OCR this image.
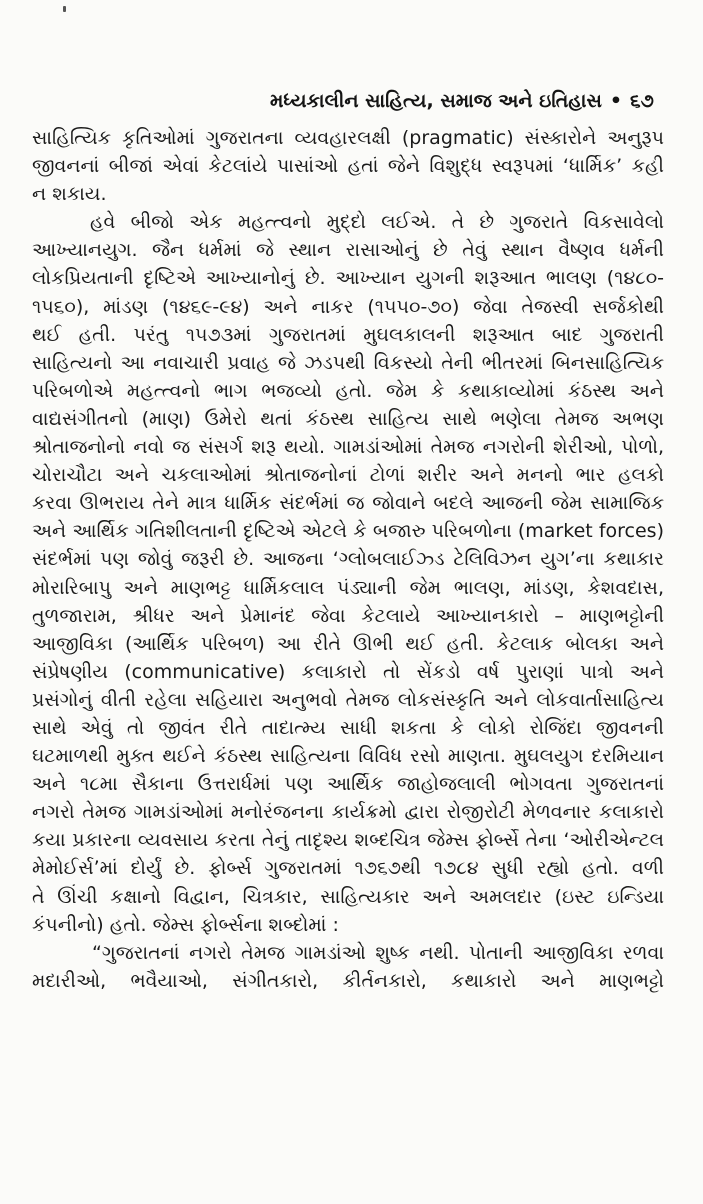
મધ્યકાલીન સાહિત્ય, સમાજ અને ઇતિહાસ • ૬૭
સાહિત્યિક કૃતિઓમાં ગુજરાતના વ્યવહારલક્ષી (pragmatic) સંસ્કારોને અનુરૂપ
જીવનનાં બીજાં એવાં કેટલાંયે પાસાંઓ હતાં જેને વિશુદ્ધ સ્વરૂપમાં ‘ધાર્મિક’ કહી
ન શકાય.
હવે બીજો એક મહત્ત્વનો મુદ્દો લઈએ. તે છે ગુજરાતે વિકસાવેલો
આખ્યાનયુગ. જૈન ધર્મમાં જે સ્થાન રાસાઓનું છે તેવું સ્થાન વૈષ્ણવ ધર્મની
લોકપ્રિયતાની દૃષ્ટિએ આખ્યાનોનું છે. આખ્યાન યુગની શરૂઆત ભાલણ (૧૪૮૦-
૧૫૬૦), માંડણ (૧૪૬૯-૯૪) અને નાકર (૧૫૫૦-૭૦) જેવા તેજસ્વી સર્જકોથી
થઈ હતી. પરંતુ ૧૫૭૩માં ગુજરાતમાં મુઘલકાલની શરૂઆત બાદ ગુજરાતી
સાહિત્યનો આ નવાચારી પ્રવાહ જે ઝડપથી વિકસ્યો તેની ભીતરમાં બિનસાહિત્યિક
પરિબળોએ મહત્ત્વનો ભાગ ભજવ્યો હતો. જેમ કે કથાકાવ્યોમાં કંઠસ્થ અને
વાદ્યસંગીતનો (માણ) ઉમેરો થતાં કંઠસ્થ સાહિત્ય સાથે ભણેલા તેમજ અભણ
શ્રોતાજનોનો નવો જ સંસર્ગ શરૂ થયો. ગામડાંઓમાં તેમજ નગરોની શેરીઓ, પોળો,
ચોરાચૌટા અને ચકલાઓમાં શ્રોતાજનોનાં ટોળાં શરીર અને મનનો ભાર હલકો
કરવા ઊભરાય તેને માત્ર ધાર્મિક સંદર્ભમાં જ જોવાને બદલે આજની જેમ સામાજિક
અને આર્થિક ગતિશીલતાની દૃષ્ટિએ એટલે કે બજારુ પરિબળોના (market forces)
સંદર્ભમાં પણ જોવું જરૂરી છે. આજના ‘ગ્લોબલાઈઝ્ડ ટેલિવિઝન યુગ’ના કથાકાર
મોરારિબાપુ અને માણભટ્ટ ધાર્મિકલાલ પંડ્યાની જેમ ભાલણ, માંડણ, કેશવદાસ,
તુળજારામ, શ્રીધર અને પ્રેમાનંદ જેવા કેટલાયે આખ્યાનકારો – માણભટ્ટોની
આજીવિકા (આર્થિક પરિબળ) આ રીતે ઊભી થઈ હતી. કેટલાક બોલકા અને
સંપ્રેષણીય (communicative) કલાકારો તો સેંકડો વર્ષ પુરાણાં પાત્રો અને
પ્રસંગોનું વીતી રહેલા સહિયારા અનુભવો તેમજ લોકસંસ્કૃતિ અને લોકવાર્તાસાહિત્ય
સાથે એવું તો જીવંત રીતે તાદાત્મ્ય સાધી શકતા કે લોકો રોજિંદા જીવનની
ઘટમાળથી મુક્ત થઈને કંઠસ્થ સાહિત્યના વિવિધ રસો માણતા. મુઘલયુગ દરમિયાન
અને ૧૮મા સૈકાના ઉત્તરાર્ધમાં પણ આર્થિક જાહોજલાલી ભોગવતા ગુજરાતનાં
નગરો તેમજ ગામડાંઓમાં મનોરંજનના કાર્યક્રમો દ્વારા રોજીરોટી મેળવનાર કલાકારો
કયા પ્રકારના વ્યવસાય કરતા તેનું તાદૃશ્ય શબ્દચિત્ર જેમ્સ ફોર્બ્સે તેના ‘ઓરીએન્ટલ
મેમોઈર્સ’માં દોર્યું છે. ફોર્બ્સ ગુજરાતમાં ૧૭૬૭થી ૧૭૮૪ સુધી રહ્યો હતો. વળી
તે ઊંચી કક્ષાનો વિદ્વાન, ચિત્રકાર, સાહિત્યકાર અને અમલદાર (ઇસ્ટ ઇન્ડિયા
કંપનીનો) હતો. જેમ્સ ફોર્બ્સના શબ્દોમાં :
“ગુજરાતનાં નગરો તેમજ ગામડાંઓ શુષ્ક નથી. પોતાની આજીવિકા રળવા
મદારીઓ, ભવૈયાઓ, સંગીતકારો, કીર્તનકારો, કથાકારો અને માણભટ્ટો
